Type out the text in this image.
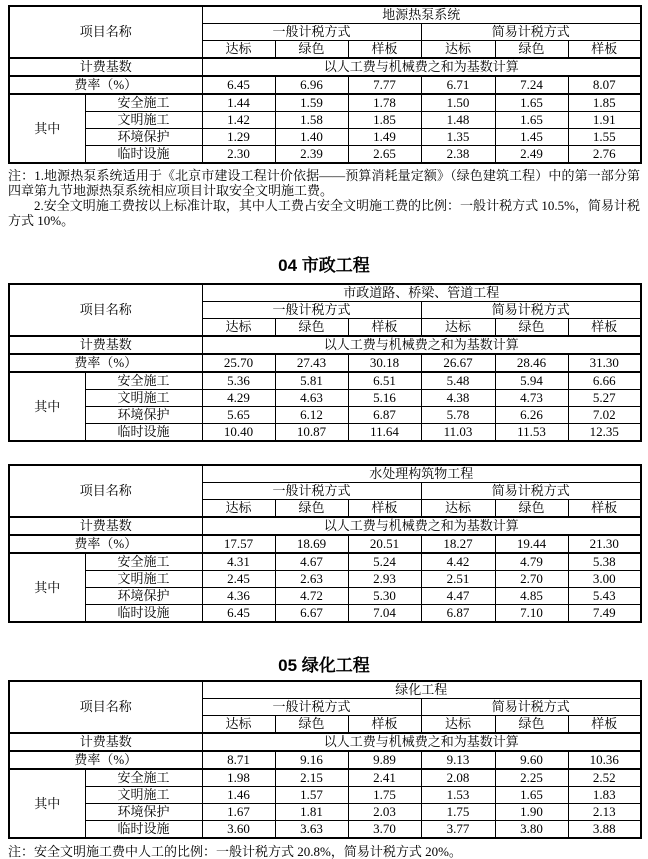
项目名称		地源热泵系统					
		一般计税方式			简易计税方式		
		达标	绿色	样板	达标	绿色	样板
计费基数		以人工费与机械费之和为基数计算					
费率（%）		6.45	6.96	7.77	6.71	7.24	8.07
其中	安全施工	1.44	1.59	1.78	1.50	1.65	1.85
	文明施工	1.42	1.58	1.85	1.48	1.65	1.91
	环境保护	1.29	1.40	1.49	1.35	1.45	1.55
	临时设施	2.30	2.39	2.65	2.38	2.49	2.76

注：1.地源热泵系统适用于《北京市建设工程计价依据——预算消耗量定额》（绿色建筑工程）中的第一部分第四章第九节地源热泵系统相应项目计取安全文明施工费。

2.安全文明施工费按以上标准计取，其中人工费占安全文明施工费的比例：一般计税方式 10.5%，简易计税方式 10%。

04 市政工程
项目名称		市政道路、桥梁、管道工程					
		一般计税方式			简易计税方式		
		达标	绿色	样板	达标	绿色	样板
计费基数		以人工费与机械费之和为基数计算					
费率（%）		25.70	27.43	30.18	26.67	28.46	31.30
其中	安全施工	5.36	5.81	6.51	5.48	5.94	6.66
	文明施工	4.29	4.63	5.16	4.38	4.73	5.27
	环境保护	5.65	6.12	6.87	5.78	6.26	7.02
	临时设施	10.40	10.87	11.64	11.03	11.53	12.35
项目名称		水处理构筑物工程					
		一般计税方式			简易计税方式		
		达标	绿色	样板	达标	绿色	样板
计费基数		以人工费与机械费之和为基数计算					
费率（%）		17.57	18.69	20.51	18.27	19.44	21.30
其中	安全施工	4.31	4.67	5.24	4.42	4.79	5.38
	文明施工	2.45	2.63	2.93	2.51	2.70	3.00
	环境保护	4.36	4.72	5.30	4.47	4.85	5.43
	临时设施	6.45	6.67	7.04	6.87	7.10	7.49
05 绿化工程
项目名称		绿化工程					
		一般计税方式			简易计税方式		
		达标	绿色	样板	达标	绿色	样板
计费基数		以人工费与机械费之和为基数计算					
费率（%）		8.71	9.16	9.89	9.13	9.60	10.36
其中	安全施工	1.98	2.15	2.41	2.08	2.25	2.52
	文明施工	1.46	1.57	1.75	1.53	1.65	1.83
	环境保护	1.67	1.81	2.03	1.75	1.90	2.13
	临时设施	3.60	3.63	3.70	3.77	3.80	3.88

注：安全文明施工费中人工的比例：一般计税方式 20.8%，简易计税方式 20%。
